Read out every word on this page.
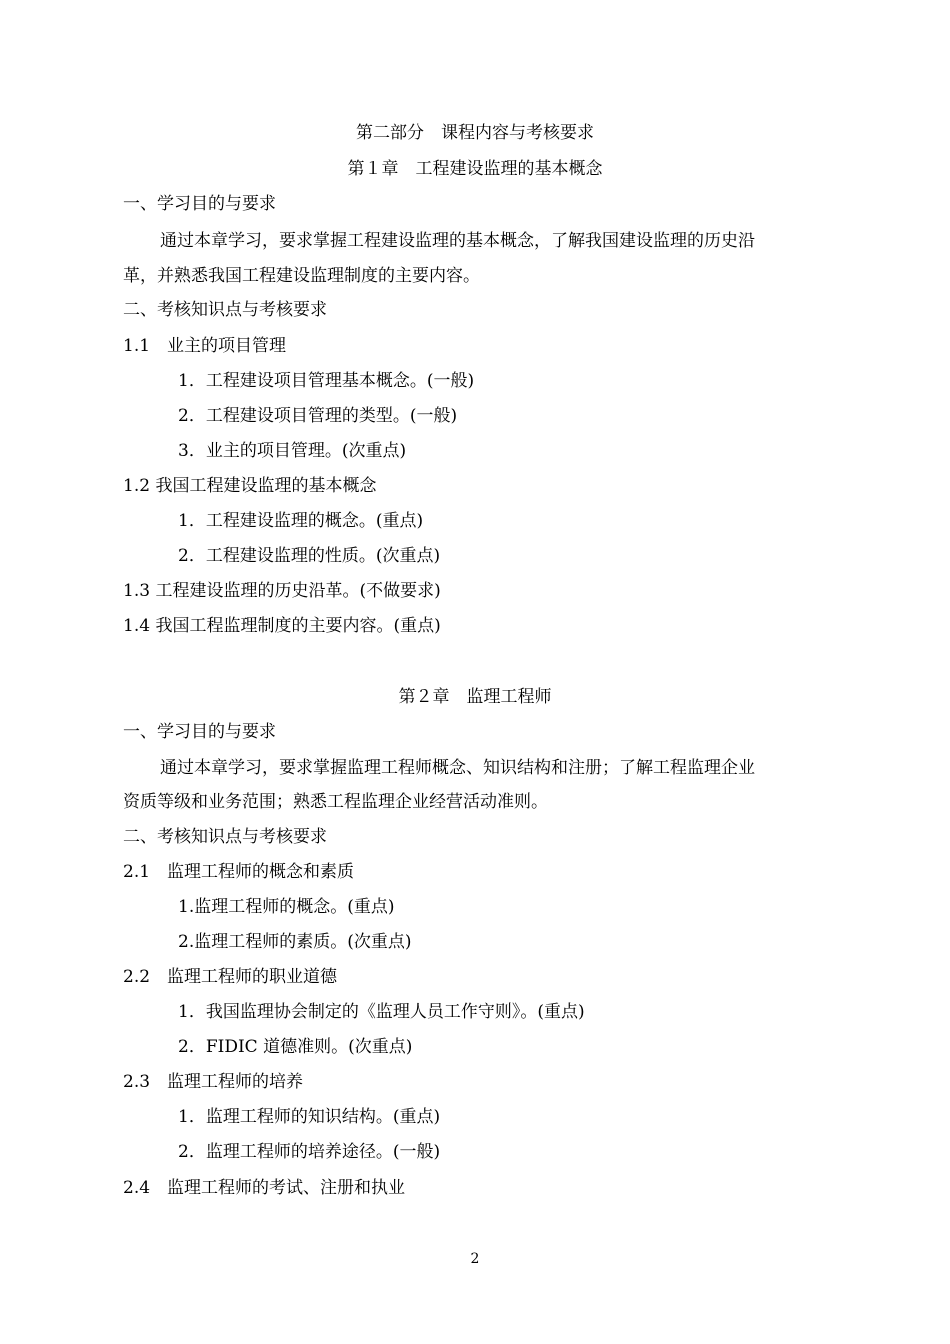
第二部分　课程内容与考核要求
第１章　工程建设监理的基本概念
一、学习目的与要求
通过本章学习，要求掌握工程建设监理的基本概念，了解我国建设监理的历史沿
革，并熟悉我国工程建设监理制度的主要内容。
二、考核知识点与考核要求
1.1　业主的项目管理
1．工程建设项目管理基本概念。(一般)
2．工程建设项目管理的类型。(一般)
3．业主的项目管理。(次重点)
1.2 我国工程建设监理的基本概念
1．工程建设监理的概念。(重点)
2．工程建设监理的性质。(次重点)
1.3 工程建设监理的历史沿革。(不做要求)
1.4 我国工程监理制度的主要内容。(重点)
第２章　监理工程师
一、学习目的与要求
通过本章学习，要求掌握监理工程师概念、知识结构和注册；了解工程监理企业
资质等级和业务范围；熟悉工程监理企业经营活动准则。
二、考核知识点与考核要求
2.1　监理工程师的概念和素质
1.监理工程师的概念。(重点)
2.监理工程师的素质。(次重点)
2.2　监理工程师的职业道德
1．我国监理协会制定的《监理人员工作守则》。(重点)
2．FIDIC 道德准则。(次重点)
2.3　监理工程师的培养
1．监理工程师的知识结构。(重点)
2．监理工程师的培养途径。(一般)
2.4　监理工程师的考试、注册和执业
2
